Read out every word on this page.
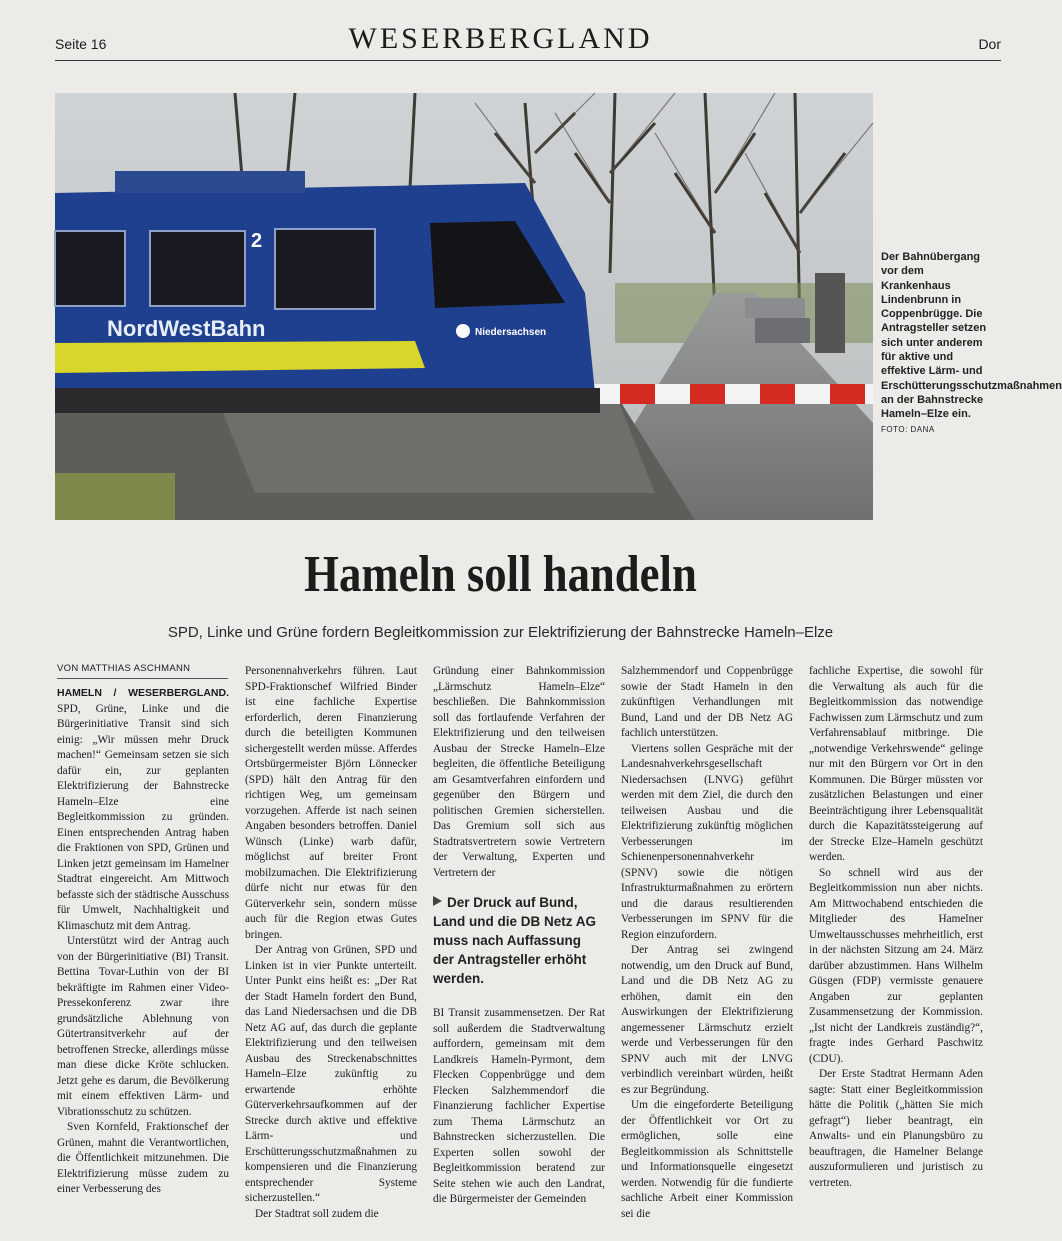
Seite 16	WESERBERGLAND	Dor
2
NordWestBahn	Niedersachsen
Der Bahnübergang vor dem Krankenhaus Lindenbrunn in Coppenbrügge. Die Antragsteller setzen sich unter anderem für aktive und effektive Lärm- und Erschütterungsschutzmaßnahmen an der Bahnstrecke Hameln–Elze ein. FOTO: DANA
Hameln soll handeln
SPD, Linke und Grüne fordern Begleitkommission zur Elektrifizierung der Bahnstrecke Hameln–Elze
VON MATTHIAS ASCHMANN

HAMELN / WESERBERGLAND. SPD, Grüne, Linke und die Bürgerinitiative Transit sind sich einig: „Wir müssen mehr Druck machen!“ Gemeinsam setzen sie sich dafür ein, zur geplanten Elektrifizierung der Bahnstrecke Hameln–Elze eine Begleitkommission zu gründen. Einen entsprechenden Antrag haben die Fraktionen von SPD, Grünen und Linken jetzt gemeinsam im Hamelner Stadtrat eingereicht. Am Mittwoch befasste sich der städtische Ausschuss für Umwelt, Nachhaltigkeit und Klimaschutz mit dem Antrag.

Unterstützt wird der Antrag auch von der Bürgerinitiative (BI) Transit. Bettina Tovar-Luthin von der BI bekräftigte im Rahmen einer Video-Pressekonferenz zwar ihre grundsätzliche Ablehnung von Gütertransitverkehr auf der betroffenen Strecke, allerdings müsse man diese dicke Kröte schlucken. Jetzt gehe es darum, die Bevölkerung mit einem effektiven Lärm- und Vibrationsschutz zu schützen.

Sven Kornfeld, Fraktionschef der Grünen, mahnt die Verantwortlichen, die Öffentlichkeit mitzunehmen. Die Elektrifizierung müsse zudem zu einer Verbesserung des

Personennahverkehrs führen. Laut SPD-Fraktionschef Wilfried Binder ist eine fachliche Expertise erforderlich, deren Finanzierung durch die beteiligten Kommunen sichergestellt werden müsse. Afferdes Ortsbürgermeister Björn Lönnecker (SPD) hält den Antrag für den richtigen Weg, um gemeinsam vorzugehen. Afferde ist nach seinen Angaben besonders betroffen. Daniel Wünsch (Linke) warb dafür, möglichst auf breiter Front mobilzumachen. Die Elektrifizierung dürfe nicht nur etwas für den Güterverkehr sein, sondern müsse auch für die Region etwas Gutes bringen.

Der Antrag von Grünen, SPD und Linken ist in vier Punkte unterteilt. Unter Punkt eins heißt es: „Der Rat der Stadt Hameln fordert den Bund, das Land Niedersachsen und die DB Netz AG auf, das durch die geplante Elektrifizierung und den teilweisen Ausbau des Streckenabschnittes Hameln–Elze zukünftig zu erwartende erhöhte Güterverkehrsaufkommen auf der Strecke durch aktive und effektive Lärm- und Erschütterungsschutzmaßnahmen zu kompensieren und die Finanzierung entsprechender Systeme sicherzustellen.“

Der Stadtrat soll zudem die

Gründung einer Bahnkommission „Lärmschutz Hameln–Elze“ beschließen. Die Bahnkommission soll das fortlaufende Verfahren der Elektrifizierung und den teilweisen Ausbau der Strecke Hameln–Elze begleiten, die öffentliche Beteiligung am Gesamtverfahren einfordern und gegenüber den Bürgern und politischen Gremien sicherstellen. Das Gremium soll sich aus Stadtratsvertretern sowie Vertretern der Verwaltung, Experten und Vertretern der

Der Druck auf Bund, Land und die DB Netz AG muss nach Auffassung der Antragsteller erhöht werden.

BI Transit zusammensetzen. Der Rat soll außerdem die Stadtverwaltung auffordern, gemeinsam mit dem Landkreis Hameln-Pyrmont, dem Flecken Coppenbrügge und dem Flecken Salzhemmendorf die Finanzierung fachlicher Expertise zum Thema Lärmschutz an Bahnstrecken sicherzustellen. Die Experten sollen sowohl der Begleitkommission beratend zur Seite stehen wie auch den Landrat, die Bürgermeister der Gemeinden

Salzhemmendorf und Coppenbrügge sowie der Stadt Hameln in den zukünftigen Verhandlungen mit Bund, Land und der DB Netz AG fachlich unterstützen.

Viertens sollen Gespräche mit der Landesnahverkehrsgesellschaft Niedersachsen (LNVG) geführt werden mit dem Ziel, die durch den teilweisen Ausbau und die Elektrifizierung zukünftig möglichen Verbesserungen im Schienenpersonennahverkehr (SPNV) sowie die nötigen Infrastrukturmaßnahmen zu erörtern und die daraus resultierenden Verbesserungen im SPNV für die Region einzufordern.

Der Antrag sei zwingend notwendig, um den Druck auf Bund, Land und die DB Netz AG zu erhöhen, damit ein den Auswirkungen der Elektrifizierung angemessener Lärmschutz erzielt werde und Verbesserungen für den SPNV auch mit der LNVG verbindlich vereinbart würden, heißt es zur Begründung.

Um die eingeforderte Beteiligung der Öffentlichkeit vor Ort zu ermöglichen, solle eine Begleitkommission als Schnittstelle und Informationsquelle eingesetzt werden. Notwendig für die fundierte sachliche Arbeit einer Kommission sei die

fachliche Expertise, die sowohl für die Verwaltung als auch für die Begleitkommission das notwendige Fachwissen zum Lärmschutz und zum Verfahrensablauf mitbringe. Die „notwendige Verkehrswende“ gelinge nur mit den Bürgern vor Ort in den Kommunen. Die Bürger müssten vor zusätzlichen Belastungen und einer Beeinträchtigung ihrer Lebensqualität durch die Kapazitätssteigerung auf der Strecke Elze–Hameln geschützt werden.

So schnell wird aus der Begleitkommission nun aber nichts. Am Mittwochabend entschieden die Mitglieder des Hamelner Umweltausschusses mehrheitlich, erst in der nächsten Sitzung am 24. März darüber abzustimmen. Hans Wilhelm Güsgen (FDP) vermisste genauere Angaben zur geplanten Zusammensetzung der Kommission. „Ist nicht der Landkreis zuständig?“, fragte indes Gerhard Paschwitz (CDU).

Der Erste Stadtrat Hermann Aden sagte: Statt einer Begleitkommission hätte die Politik („hätten Sie mich gefragt“) lieber beantragt, ein Anwalts- und ein Planungsbüro zu beauftragen, die Hamelner Belange auszuformulieren und juristisch zu vertreten.
